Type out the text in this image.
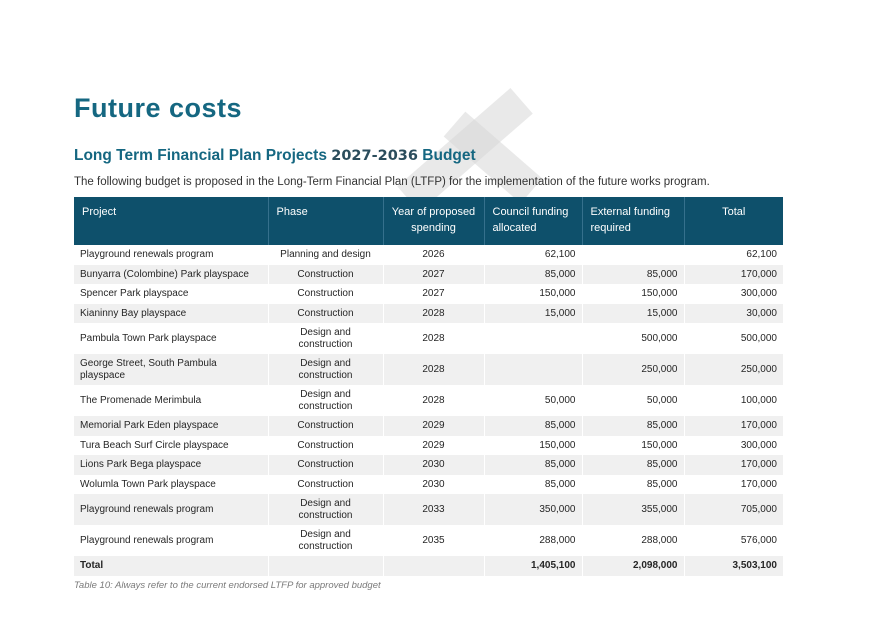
Future costs
Long Term Financial Plan Projects 2027-2036 Budget

The following budget is proposed in the Long-Term Financial Plan (LTFP) for the implementation of the future works program.

Project	Phase	Year of proposed spending	Council funding allocated	External funding required	Total
Playground renewals program	Planning and design	2026	62,100		62,100
Bunyarra (Colombine) Park playspace	Construction	2027	85,000	85,000	170,000
Spencer Park playspace	Construction	2027	150,000	150,000	300,000
Kianinny Bay playspace	Construction	2028	15,000	15,000	30,000
Pambula Town Park playspace	Design and construction	2028		500,000	500,000
George Street, South Pambula playspace	Design and construction	2028		250,000	250,000
The Promenade Merimbula	Design and construction	2028	50,000	50,000	100,000
Memorial Park Eden playspace	Construction	2029	85,000	85,000	170,000
Tura Beach Surf Circle playspace	Construction	2029	150,000	150,000	300,000
Lions Park Bega playspace	Construction	2030	85,000	85,000	170,000
Wolumla Town Park playspace	Construction	2030	85,000	85,000	170,000
Playground renewals program	Design and construction	2033	350,000	355,000	705,000
Playground renewals program	Design and construction	2035	288,000	288,000	576,000
Total			1,405,100	2,098,000	3,503,100

Table 10: Always refer to the current endorsed LTFP for approved budget
